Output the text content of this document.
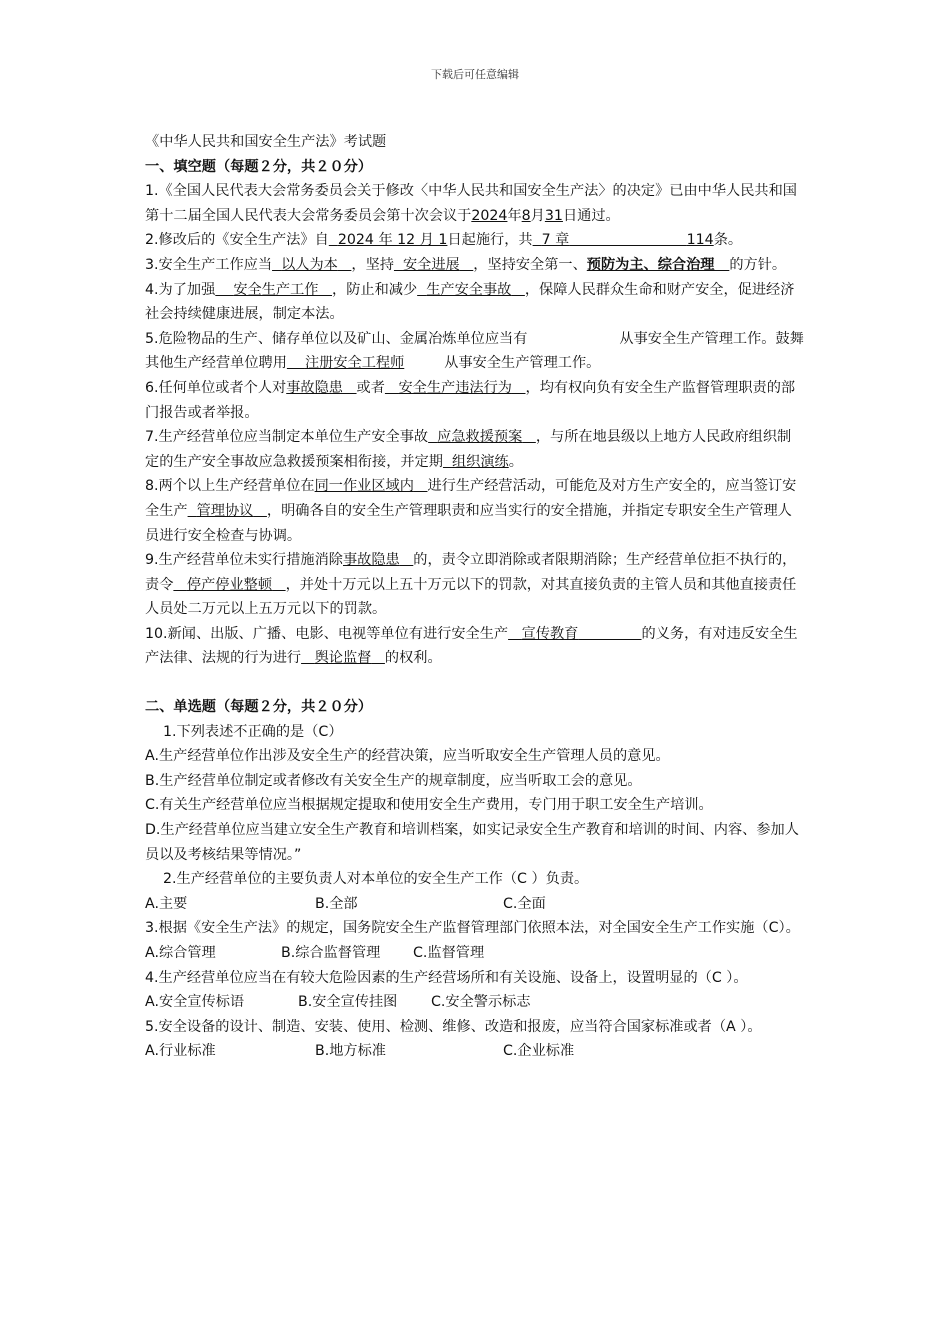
下载后可任意编辑

《中华人民共和国安全生产法》考试题

一、填空题（每题２分，共２０分）

1.《全国人民代表大会常务委员会关于修改〈中华人民共和国安全生产法〉的决定》已由中华人民共和国第十二届全国人民代表大会常务委员会第十次会议于2024年8月31日通过。

2.修改后的《安全生产法》自 2024 年 12 月 1日起施行，共 7 章	114条。

3.安全生产工作应当 以人为本 ，坚持 安全进展 ，坚持安全第一、预防为主、综合治理 的方针。

4.为了加强 安全生产工作 ，防止和减少 生产安全事故 ，保障人民群众生命和财产安全，促进经济社会持续健康进展，制定本法。

5.危险物品的生产、储存单位以及矿山、金属冶炼单位应当有	从事安全生产管理工作。鼓舞其他生产经营单位聘用 注册安全工程师	从事安全生产管理工作。

6.任何单位或者个人对事故隐患 或者 安全生产违法行为 ，均有权向负有安全生产监督管理职责的部门报告或者举报。

7.生产经营单位应当制定本单位生产安全事故 应急救援预案 ，与所在地县级以上地方人民政府组织制定的生产安全事故应急救援预案相衔接，并定期 组织演练。

8.两个以上生产经营单位在同一作业区域内 进行生产经营活动，可能危及对方生产安全的，应当签订安全生产 管理协议 ，明确各自的安全生产管理职责和应当实行的安全措施，并指定专职安全生产管理人员进行安全检查与协调。

9.生产经营单位未实行措施消除事故隐患 的，责令立即消除或者限期消除；生产经营单位拒不执行的，责令 停产停业整顿 ，并处十万元以上五十万元以下的罚款，对其直接负责的主管人员和其他直接责任人员处二万元以上五万元以下的罚款。

10.新闻、出版、广播、电影、电视等单位有进行安全生产 宣传教育	的义务，有对违反安全生产法律、法规的行为进行 舆论监督 的权利。

二、单选题（每题２分，共２０分）

1.下列表述不正确的是（C）

A.生产经营单位作出涉及安全生产的经营决策，应当听取安全生产管理人员的意见。

B.生产经营单位制定或者修改有关安全生产的规章制度，应当听取工会的意见。

C.有关生产经营单位应当根据规定提取和使用安全生产费用，专门用于职工安全生产培训。

D.生产经营单位应当建立安全生产教育和培训档案，如实记录安全生产教育和培训的时间、内容、参加人员以及考核结果等情况。”

2.生产经营单位的主要负责人对本单位的安全生产工作（C ）负责。

A.主要	B.全部	C.全面

3.根据《安全生产法》的规定，国务院安全生产监督管理部门依照本法，对全国安全生产工作实施（C）。

A.综合管理	B.综合监督管理	C.监督管理

4.生产经营单位应当在有较大危险因素的生产经营场所和有关设施、设备上，设置明显的（C ）。

A.安全宣传标语	B.安全宣传挂图	C.安全警示标志

5.安全设备的设计、制造、安装、使用、检测、维修、改造和报废，应当符合国家标准或者（A ）。

A.行业标准	B.地方标准	C.企业标准
